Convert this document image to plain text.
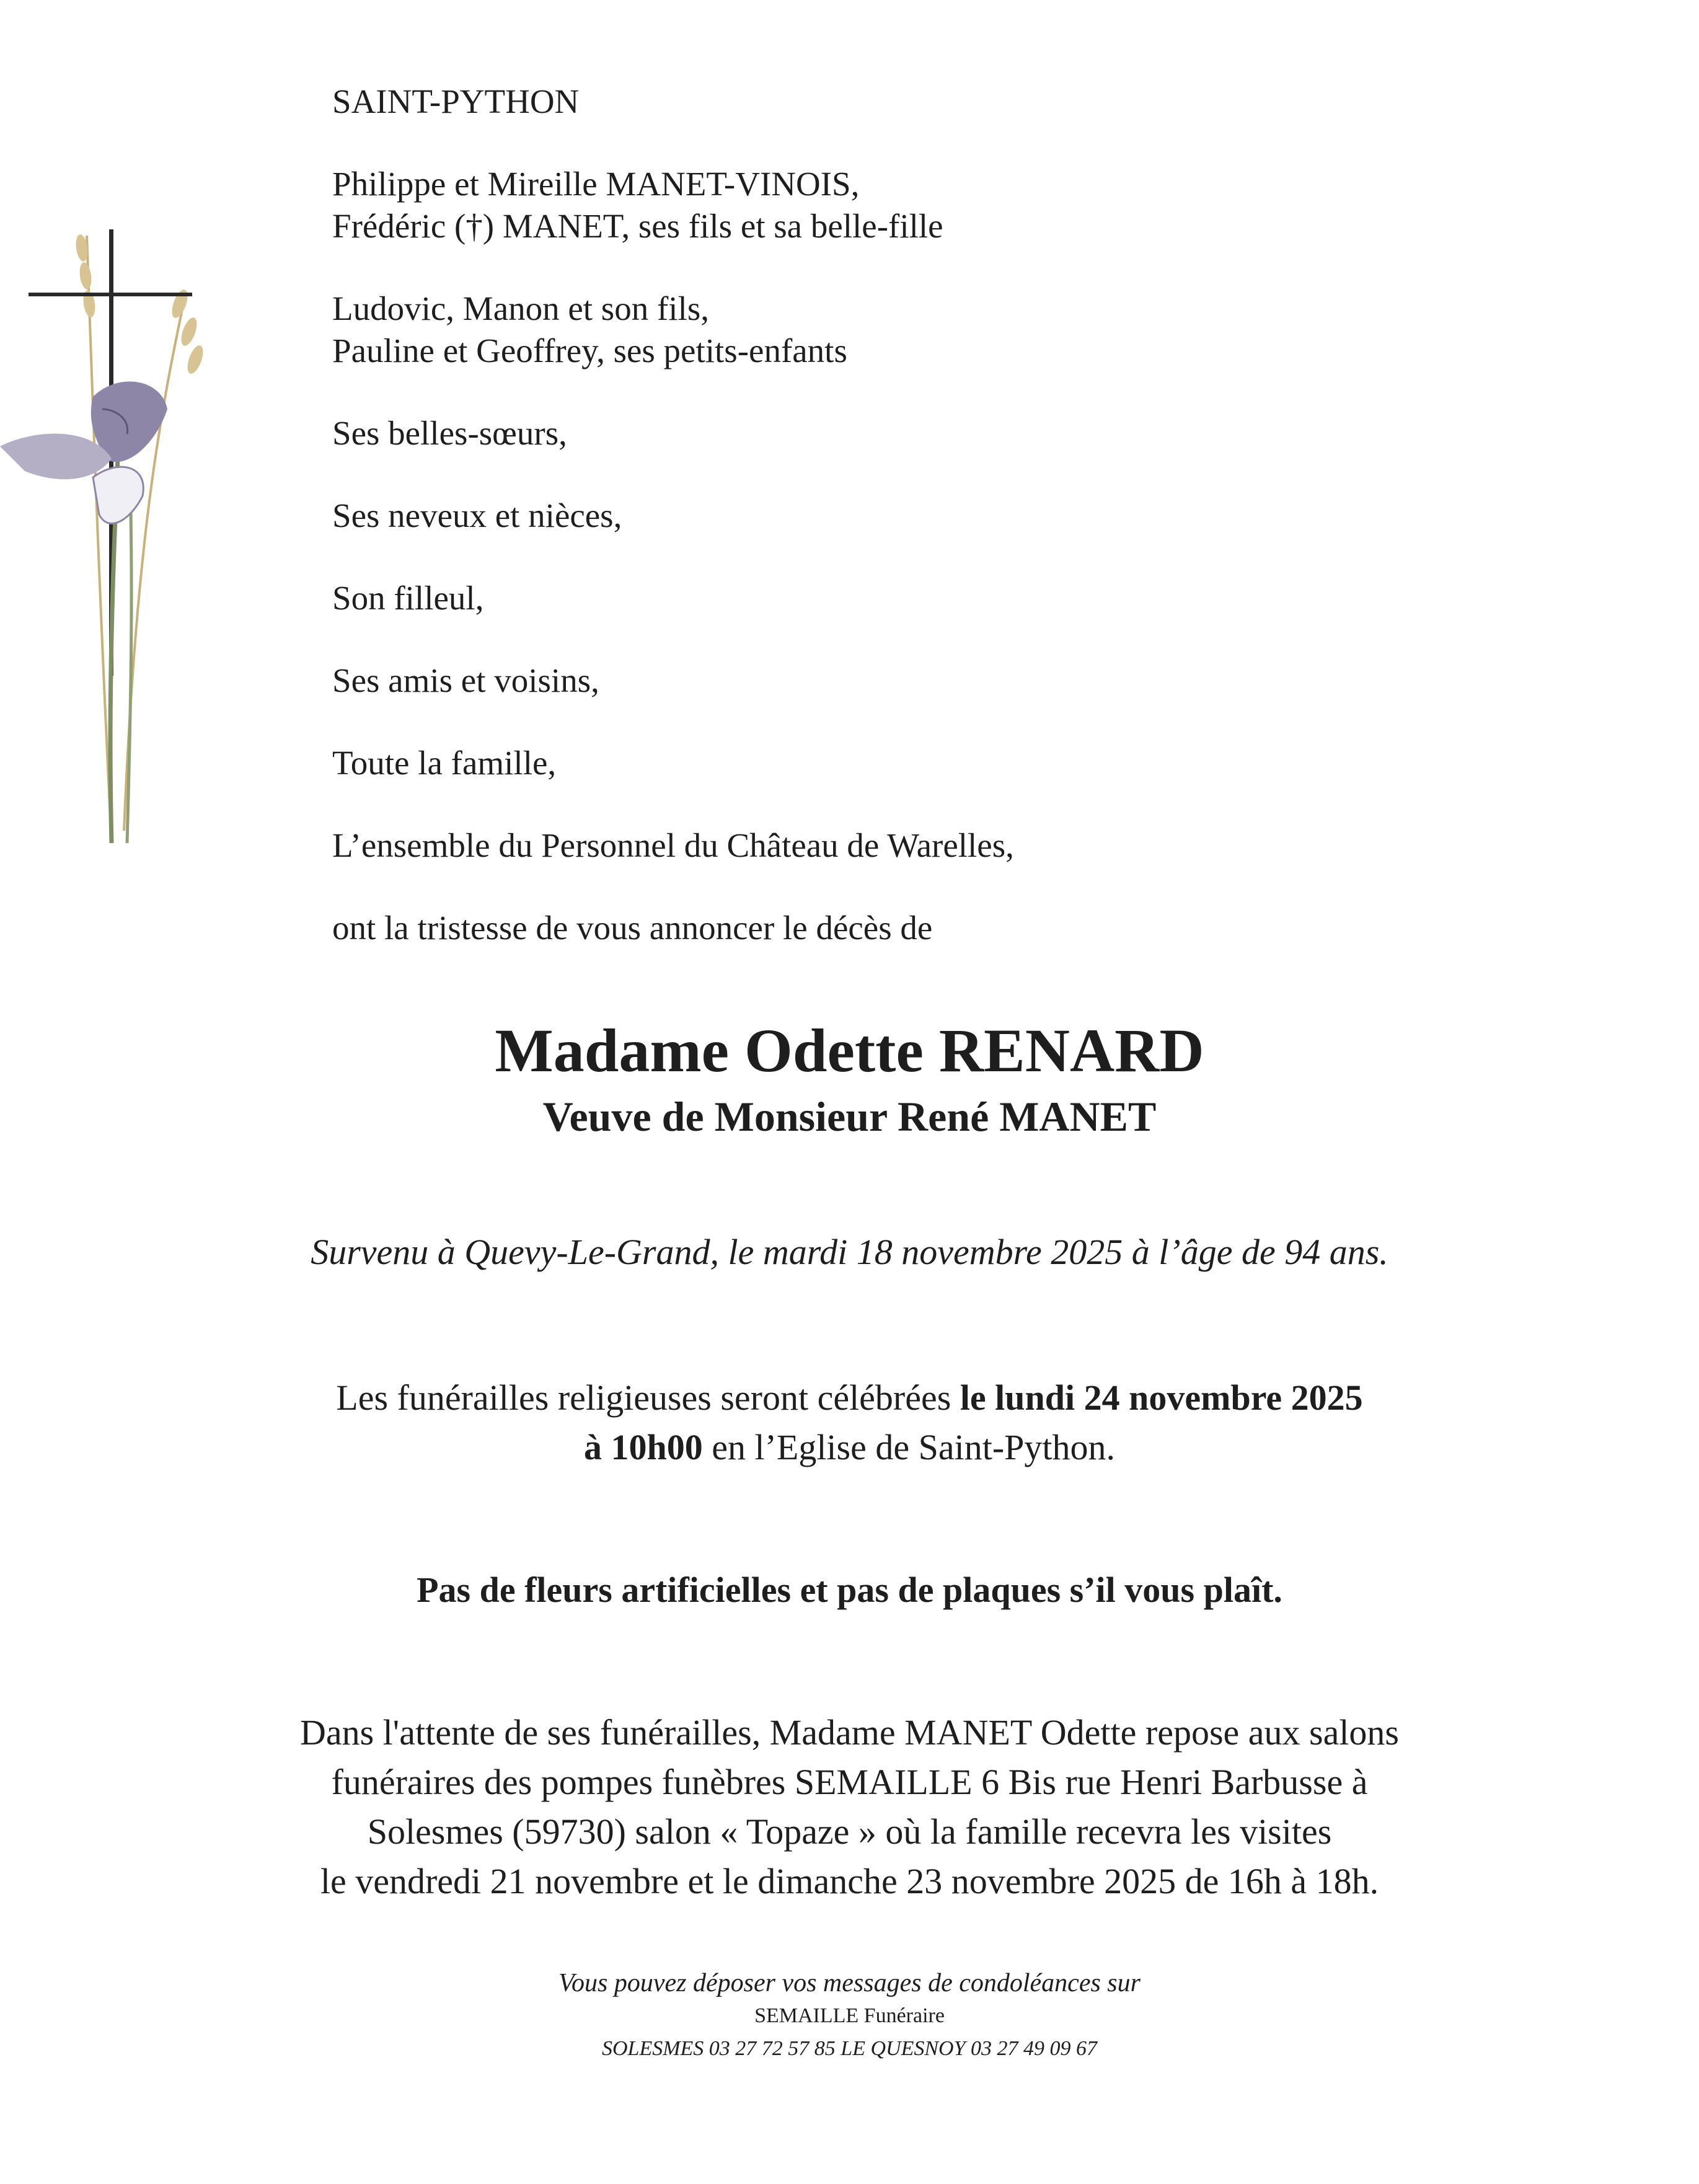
SAINT-PYTHON
Philippe et Mireille MANET-VINOIS,
Frédéric (†) MANET, ses fils et sa belle-fille
Ludovic, Manon et son fils,
Pauline et Geoffrey, ses petits-enfants
Ses belles-sœurs,
Ses neveux et nièces,
Son filleul,
Ses amis et voisins,
Toute la famille,
L’ensemble du Personnel du Château de Warelles,
ont la tristesse de vous annoncer le décès de
Madame Odette RENARD
Veuve de Monsieur René MANET
Survenu à Quevy-Le-Grand, le mardi 18 novembre 2025 à l’âge de 94 ans.
Les funérailles religieuses seront célébrées le lundi 24 novembre 2025
à 10h00 en l’Eglise de Saint-Python.
Pas de fleurs artificielles et pas de plaques s’il vous plaît.
Dans l'attente de ses funérailles, Madame MANET Odette repose aux salons
funéraires des pompes funèbres SEMAILLE 6 Bis rue Henri Barbusse à
Solesmes (59730) salon « Topaze » où la famille recevra les visites
le vendredi 21 novembre et le dimanche 23 novembre 2025 de 16h à 18h.
Vous pouvez déposer vos messages de condoléances sur
SEMAILLE Funéraire
SOLESMES 03 27 72 57 85 LE QUESNOY 03 27 49 09 67
